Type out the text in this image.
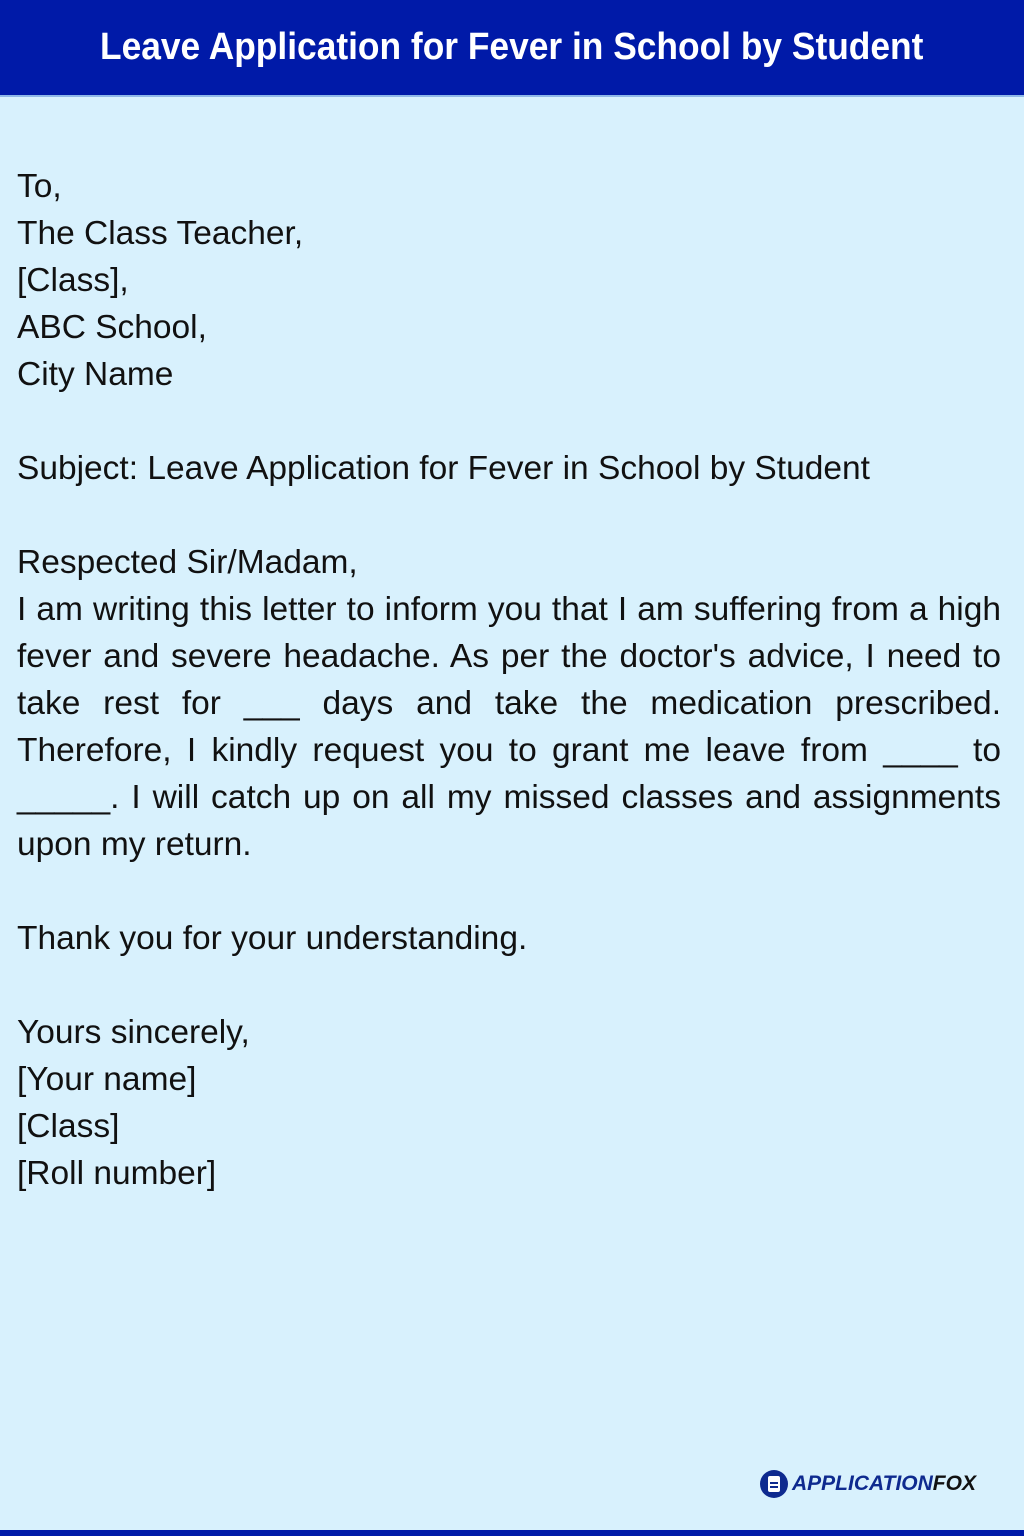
Leave Application for Fever in School by Student
To,
The Class Teacher,
[Class],
ABC School,
City Name
Subject: Leave Application for Fever in School by Student
Respected Sir/Madam,
I am writing this letter to inform you that I am suffering from a high fever and severe headache. As per the doctor's advice, I need to take rest for ___ days and take the medication prescribed. Therefore, I kindly request you to grant me leave from ____ to _____. I will catch up on all my missed classes and assignments upon my return.
Thank you for your understanding.
Yours sincerely,
[Your name]
[Class]
[Roll number]
APPLICATIONFOX
